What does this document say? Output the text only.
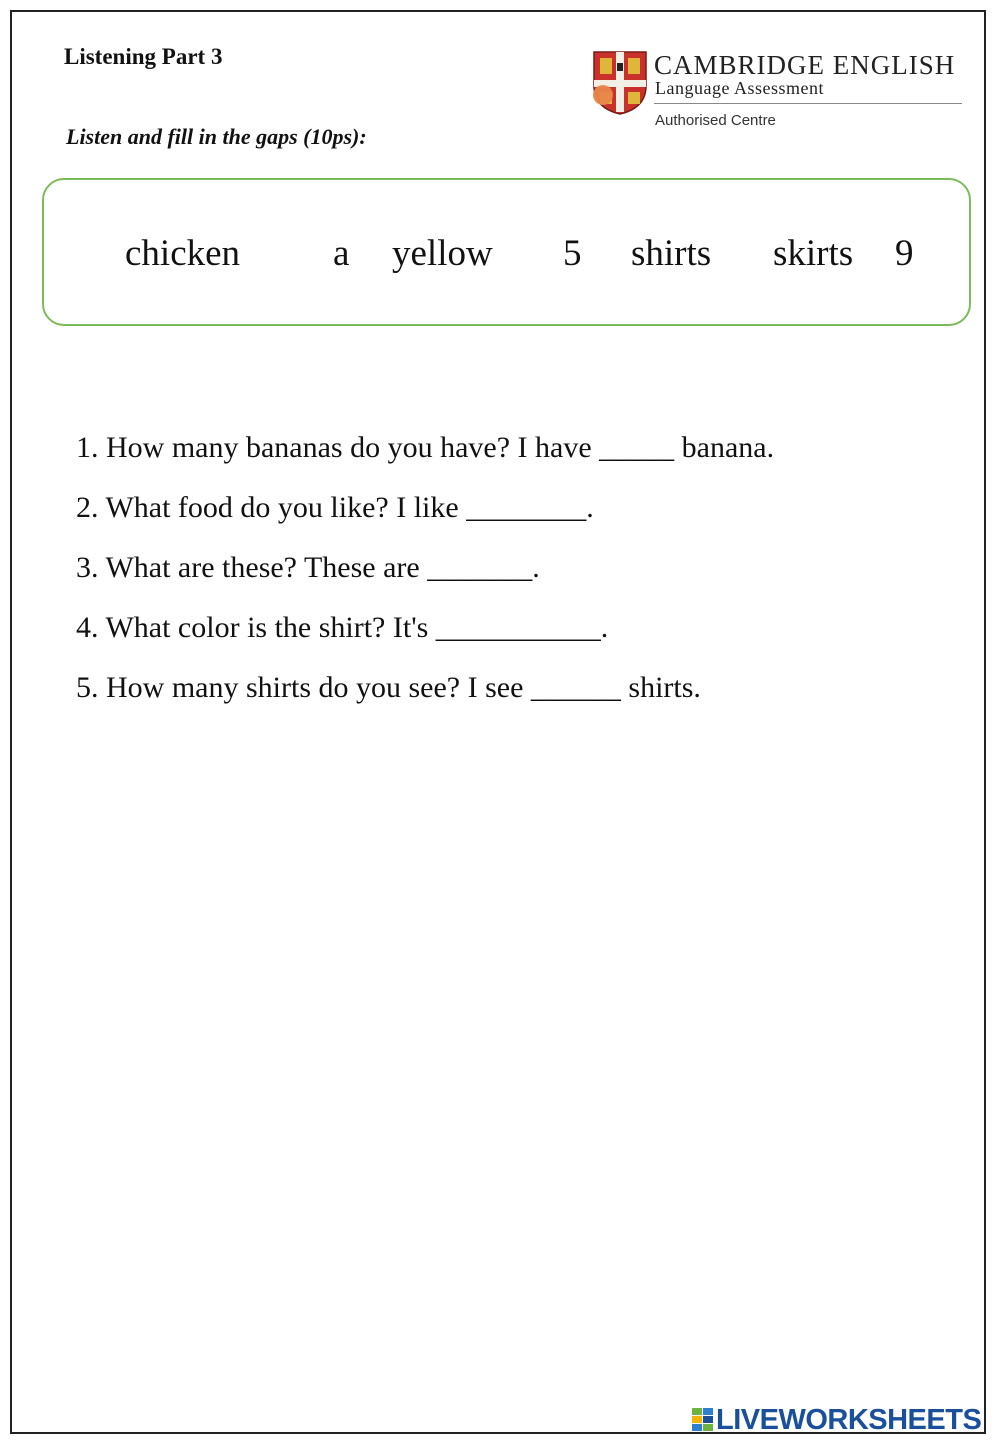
Listening Part 3
Listen and fill in the gaps (10ps):
CAMBRIDGE ENGLISH
Language Assessment
Authorised Centre
chicken	a yellow 5 shirts skirts 9
1. How many bananas do you have? I have _____ banana.
2. What food do you like? I like ________.
3. What are these? These are _______.
4. What color is the shirt? It's ___________.
5. How many shirts do you see? I see ______ shirts.
LIVEWORKSHEETS
